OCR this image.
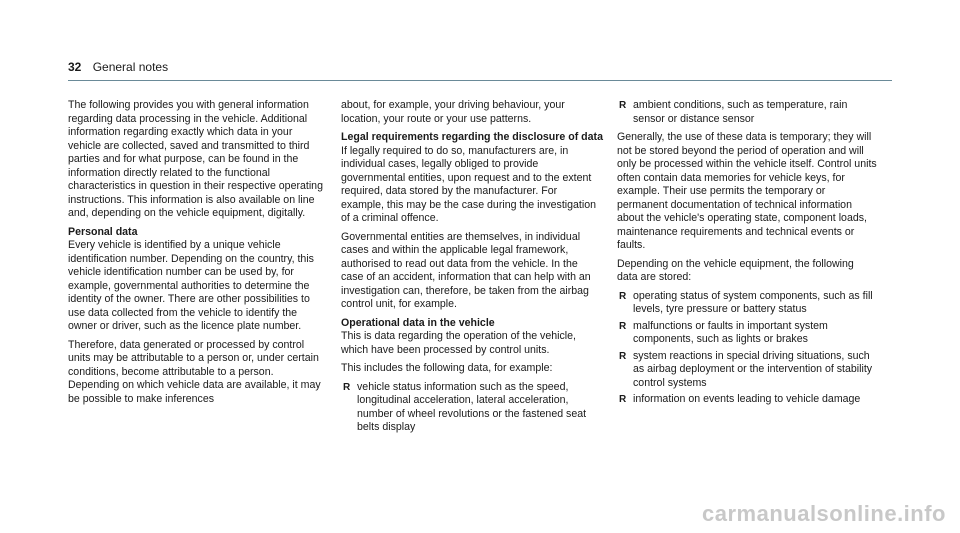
32 General notes

The following provides you with general information regarding data processing in the vehicle. Additional information regarding exactly which data in your vehicle are collected, saved and transmitted to third parties and for what purpose, can be found in the information directly related to the functional characteristics in question in their respective operating instructions. This information is also available on line and, depending on the vehicle equipment, digitally.

Personal data

Every vehicle is identified by a unique vehicle identification number. Depending on the country, this vehicle identification number can be used by, for example, governmental authorities to determine the identity of the owner. There are other possibilities to use data collected from the vehicle to identify the owner or driver, such as the licence plate number.

Therefore, data generated or processed by control units may be attributable to a person or, under certain conditions, become attributable to a person. Depending on which vehicle data are available, it may be possible to make inferences

about, for example, your driving behaviour, your location, your route or your use patterns.

Legal requirements regarding the disclosure of data

If legally required to do so, manufacturers are, in individual cases, legally obliged to provide governmental entities, upon request and to the extent required, data stored by the manufacturer. For example, this may be the case during the investigation of a criminal offence.

Governmental entities are themselves, in individual cases and within the applicable legal framework, authorised to read out data from the vehicle. In the case of an accident, information that can help with an investigation can, therefore, be taken from the airbag control unit, for example.

Operational data in the vehicle

This is data regarding the operation of the vehicle, which have been processed by control units.

This includes the following data, for example:

R vehicle status information such as the speed, longitudinal acceleration, lateral acceleration, number of wheel revolutions or the fastened seat belts display
R ambient conditions, such as temperature, rain sensor or distance sensor

Generally, the use of these data is temporary; they will not be stored beyond the period of operation and will only be processed within the vehicle itself. Control units often contain data memories for vehicle keys, for example. Their use permits the temporary or permanent documentation of technical information about the vehicle's operating state, component loads, maintenance requirements and technical events or faults.

Depending on the vehicle equipment, the following data are stored:

R operating status of system components, such as fill levels, tyre pressure or battery status
R malfunctions or faults in important system components, such as lights or brakes
R system reactions in special driving situations, such as airbag deployment or the intervention of stability control systems
R information on events leading to vehicle damage
carmanualsonline.info
